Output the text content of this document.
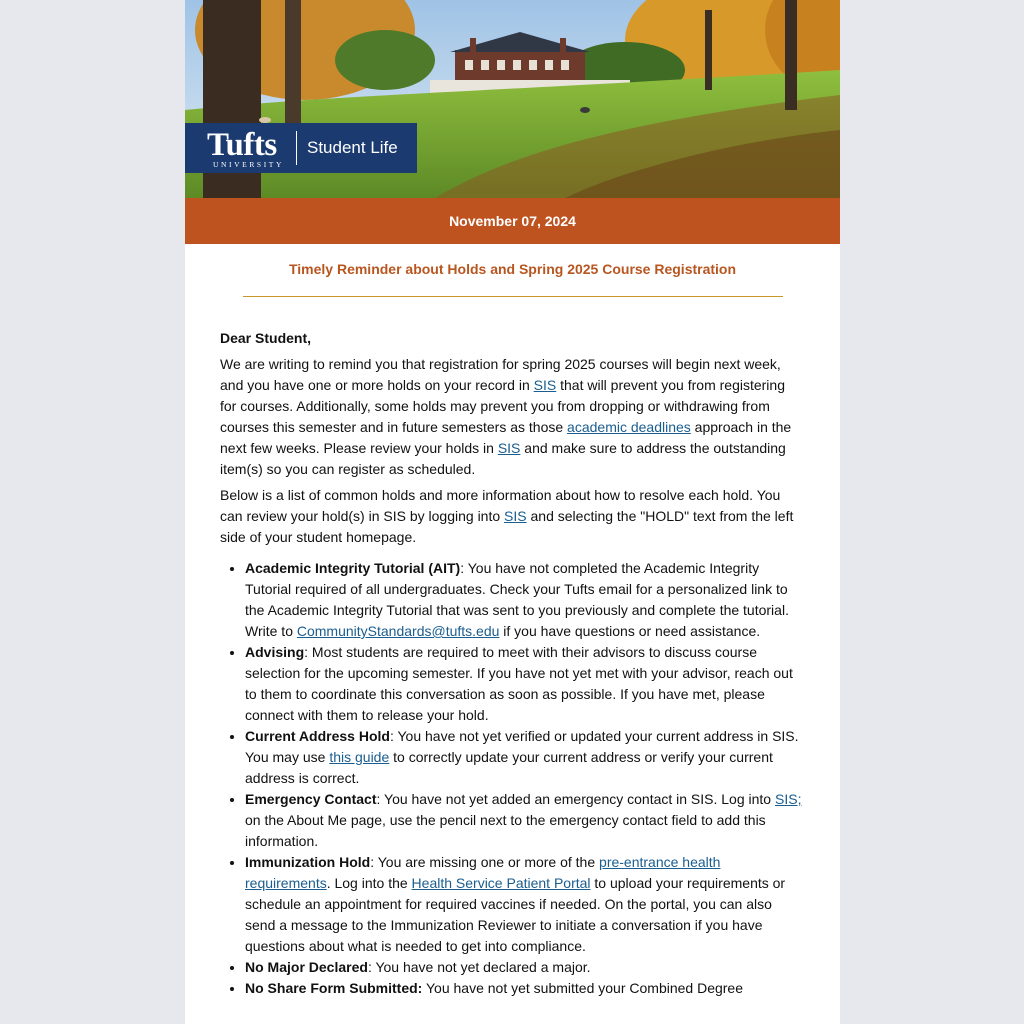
Tufts
UNIVERSITY
Student Life
November 07, 2024
Timely Reminder about Holds and Spring 2025 Course Registration

Dear Student,

We are writing to remind you that registration for spring 2025 courses will begin next week, and you have one or more holds on your record in SIS that will prevent you from registering for courses. Additionally, some holds may prevent you from dropping or withdrawing from courses this semester and in future semesters as those academic deadlines approach in the next few weeks. Please review your holds in SIS and make sure to address the outstanding item(s) so you can register as scheduled.

Below is a list of common holds and more information about how to resolve each hold. You can review your hold(s) in SIS by logging into SIS and selecting the "HOLD" text from the left side of your student homepage.

• Academic Integrity Tutorial (AIT): You have not completed the Academic Integrity Tutorial required of all undergraduates. Check your Tufts email for a personalized link to the Academic Integrity Tutorial that was sent to you previously and complete the tutorial. Write to CommunityStandards@tufts.edu if you have questions or need assistance.
• Advising: Most students are required to meet with their advisors to discuss course selection for the upcoming semester. If you have not yet met with your advisor, reach out to them to coordinate this conversation as soon as possible. If you have met, please connect with them to release your hold.
• Current Address Hold: You have not yet verified or updated your current address in SIS. You may use this guide to correctly update your current address or verify your current address is correct.
• Emergency Contact: You have not yet added an emergency contact in SIS. Log into SIS; on the About Me page, use the pencil next to the emergency contact field to add this information.
• Immunization Hold: You are missing one or more of the pre-entrance health requirements. Log into the Health Service Patient Portal to upload your requirements or schedule an appointment for required vaccines if needed. On the portal, you can also send a message to the Immunization Reviewer to initiate a conversation if you have questions about what is needed to get into compliance.
• No Major Declared: You have not yet declared a major.
• No Share Form Submitted: You have not yet submitted your Combined Degree
